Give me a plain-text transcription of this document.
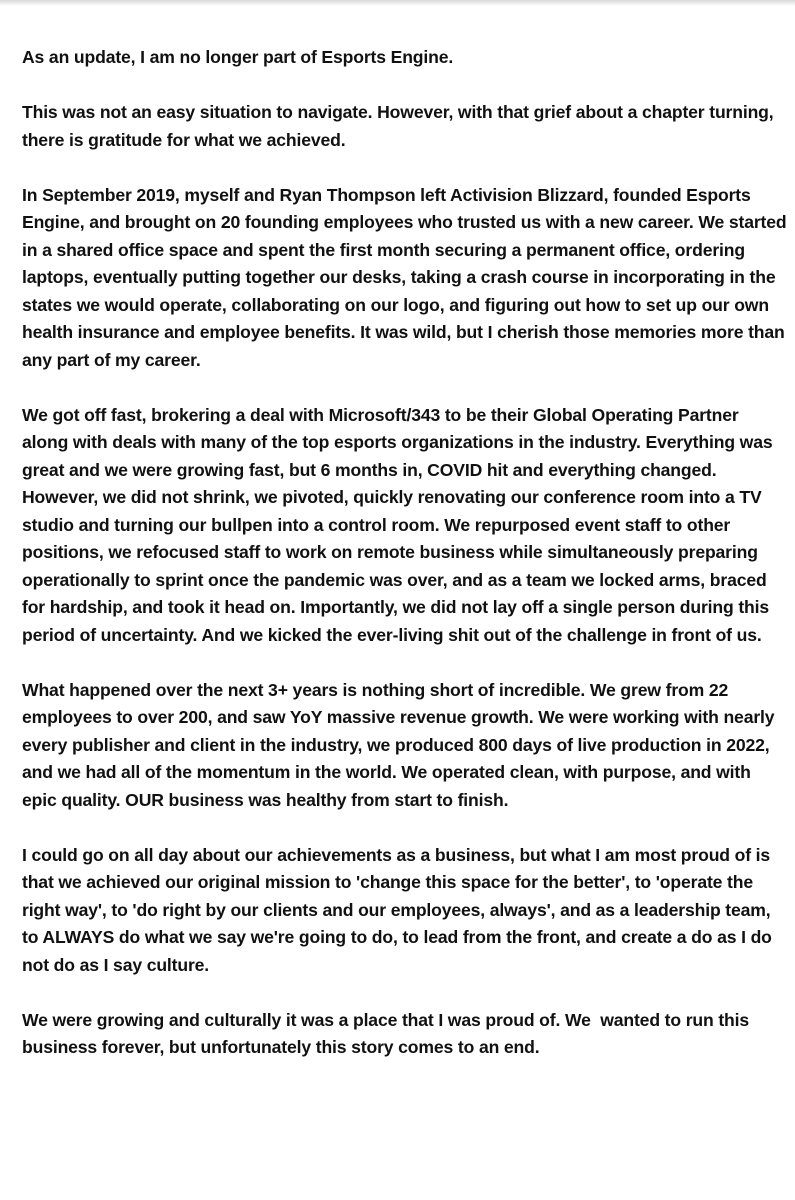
As an update, I am no longer part of Esports Engine.

This was not an easy situation to navigate. However, with that grief about a chapter turning, there is gratitude for what we achieved.

In September 2019, myself and Ryan Thompson left Activision Blizzard, founded Esports Engine, and brought on 20 founding employees who trusted us with a new career. We started in a shared office space and spent the first month securing a permanent office, ordering laptops, eventually putting together our desks, taking a crash course in incorporating in the states we would operate, collaborating on our logo, and figuring out how to set up our own health insurance and employee benefits. It was wild, but I cherish those memories more than any part of my career.

We got off fast, brokering a deal with Microsoft/343 to be their Global Operating Partner along with deals with many of the top esports organizations in the industry. Everything was great and we were growing fast, but 6 months in, COVID hit and everything changed. However, we did not shrink, we pivoted, quickly renovating our conference room into a TV studio and turning our bullpen into a control room. We repurposed event staff to other positions, we refocused staff to work on remote business while simultaneously preparing operationally to sprint once the pandemic was over, and as a team we locked arms, braced for hardship, and took it head on. Importantly, we did not lay off a single person during this period of uncertainty. And we kicked the ever-living shit out of the challenge in front of us.

What happened over the next 3+ years is nothing short of incredible. We grew from 22 employees to over 200, and saw YoY massive revenue growth. We were working with nearly every publisher and client in the industry, we produced 800 days of live production in 2022, and we had all of the momentum in the world. We operated clean, with purpose, and with epic quality. OUR business was healthy from start to finish.

I could go on all day about our achievements as a business, but what I am most proud of is that we achieved our original mission to 'change this space for the better', to 'operate the right way', to 'do right by our clients and our employees, always', and as a leadership team, to ALWAYS do what we say we're going to do, to lead from the front, and create a do as I do not do as I say culture.

We were growing and culturally it was a place that I was proud of. We  wanted to run this business forever, but unfortunately this story comes to an end.
